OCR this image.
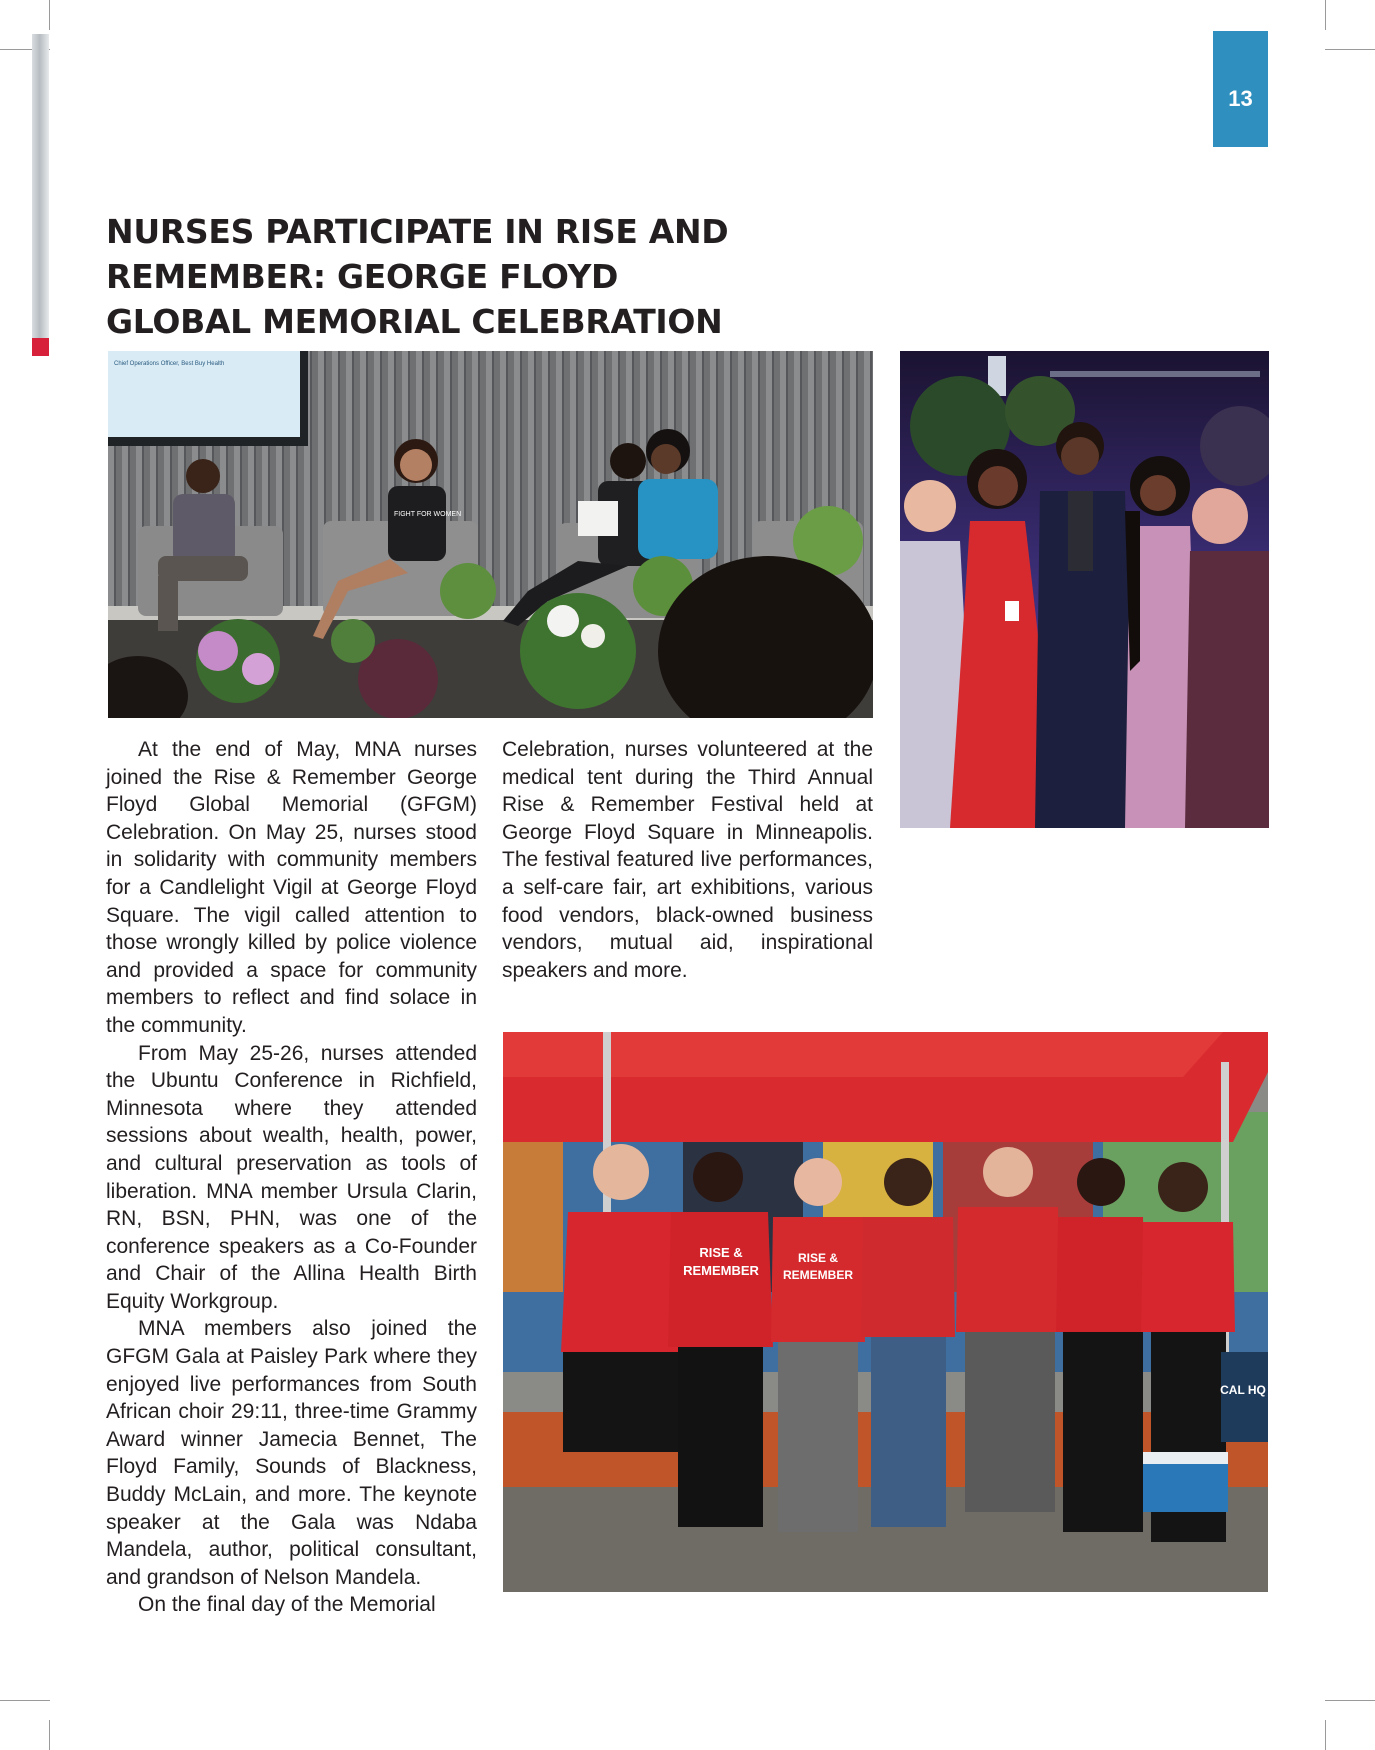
13
NURSES PARTICIPATE IN RISE AND
REMEMBER: GEORGE FLOYD
GLOBAL MEMORIAL CELEBRATION
Chief Operations Officer, Best Buy Health
FIGHT FOR WOMEN
RISE &
REMEMBER
RISE &
REMEMBER
CAL HQ

At the end of May, MNA nurses joined the Rise & Remember George Floyd Global Memorial (GFGM) Celebration. On May 25, nurses stood in solidarity with community members for a Candlelight Vigil at George Floyd Square. The vigil called attention to those wrongly killed by police violence and provided a space for community members to reflect and find solace in the community.

From May 25-26, nurses attended the Ubuntu Conference in Richfield, Minnesota where they attended sessions about wealth, health, power, and cultural preservation as tools of liberation. MNA member Ursula Clarin, RN, BSN, PHN, was one of the conference speakers as a Co-Founder and Chair of the Allina Health Birth Equity Workgroup.

MNA members also joined the GFGM Gala at Paisley Park where they enjoyed live performances from South African choir 29:11, three-time Grammy Award winner Jamecia Bennet, The Floyd Family, Sounds of Blackness, Buddy McLain, and more. The keynote speaker at the Gala was Ndaba Mandela, author, political consultant, and grandson of Nelson Mandela.

On the final day of the Memorial

Celebration, nurses volunteered at the medical tent during the Third Annual Rise & Remember Festival held at George Floyd Square in Minneapolis. The festival featured live performances, a self-care fair, art exhibitions, various food vendors, black-owned business vendors, mutual aid, inspirational speakers and more.
